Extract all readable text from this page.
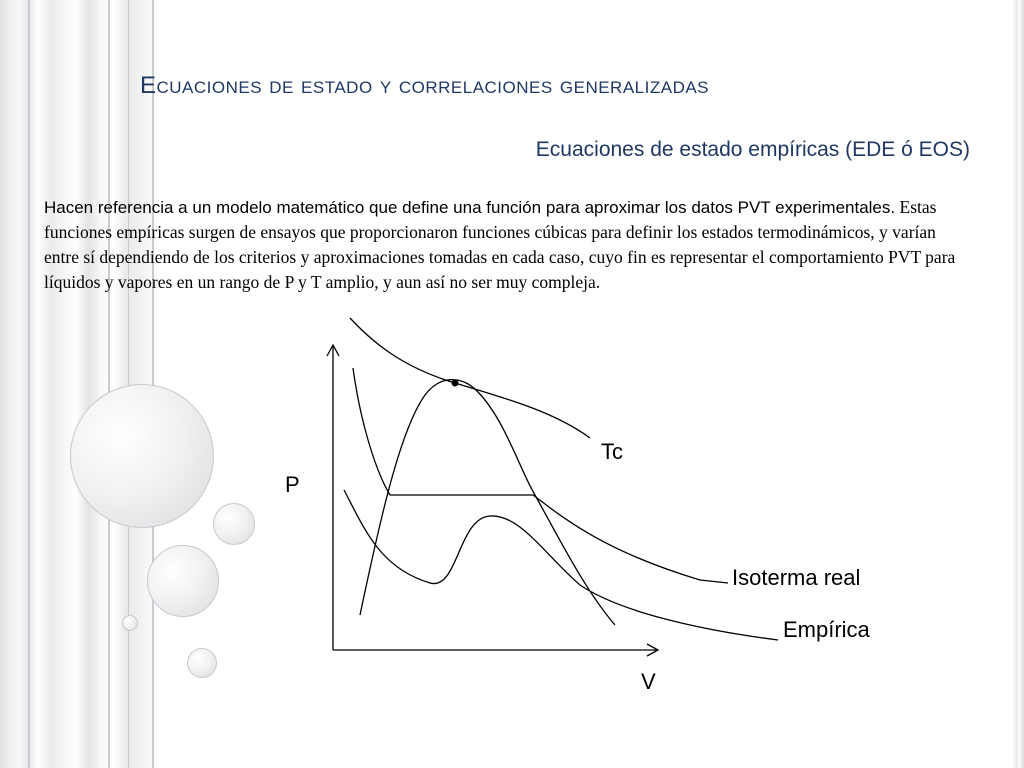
Ecuaciones de estado y correlaciones generalizadas
Ecuaciones de estado empíricas (EDE ó EOS)
Hacen referencia a un modelo matemático que define una función para aproximar los datos PVT experimentales. Estas funciones empíricas surgen de ensayos que proporcionaron funciones cúbicas para definir los estados termodinámicos, y varían entre sí dependiendo de los criterios y aproximaciones tomadas en cada caso, cuyo fin es representar el comportamiento PVT para líquidos y vapores en un rango de P y T amplio, y aun así no ser muy compleja.
P
V
Tc
Isoterma real
Empírica
